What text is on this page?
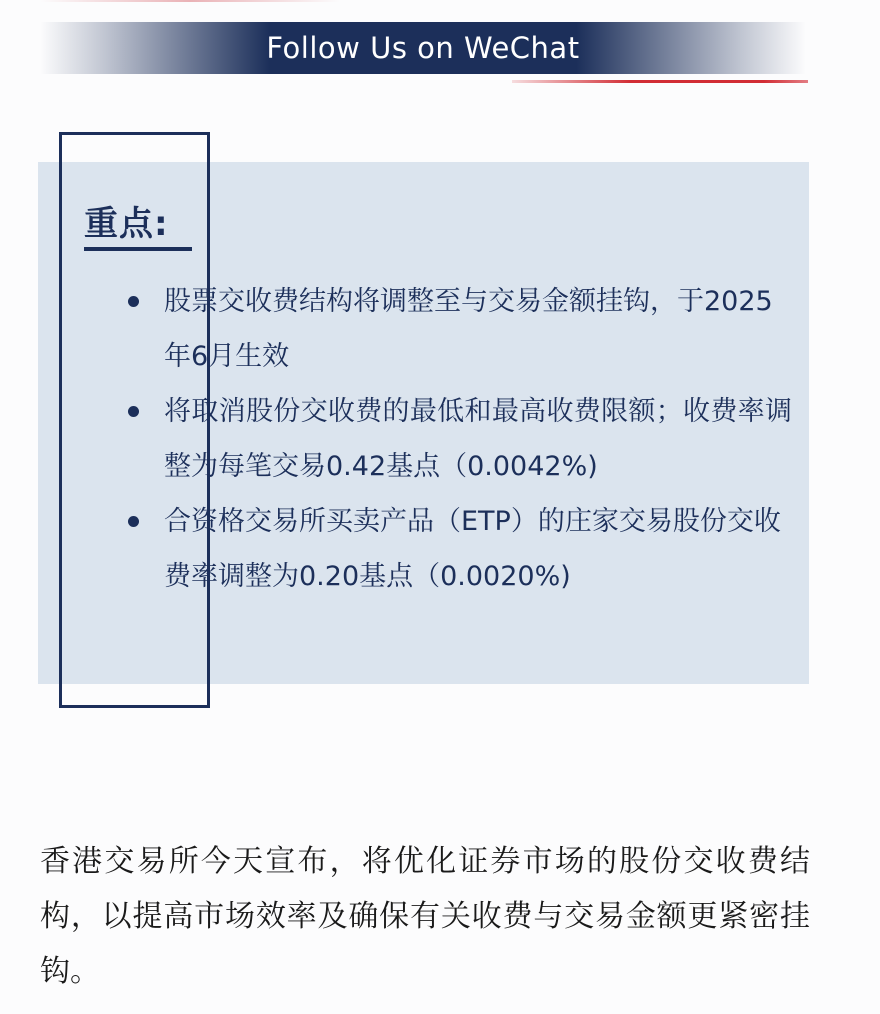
Follow Us on WeChat
重点:
股票交收费结构将调整至与交易金额挂钩，于2025年6月生效
将取消股份交收费的最低和最高收费限额；收费率调整为每笔交易0.42基点（0.0042%)
合资格交易所买卖产品（ETP）的庄家交易股份交收费率调整为0.20基点（0.0020%)

香港交易所今天宣布，将优化证券市场的股份交收费结构，以提高市场效率及确保有关收费与交易金额更紧密挂钩。
